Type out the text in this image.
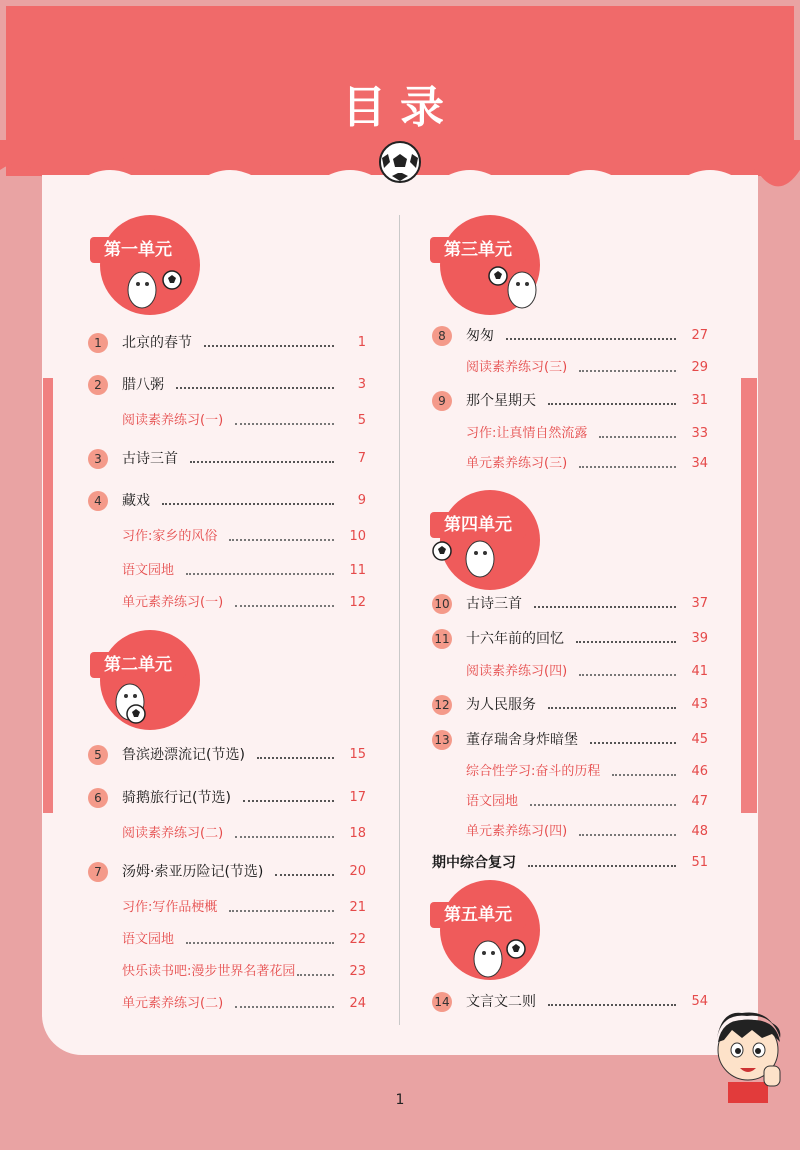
目录
第一单元
第二单元
第三单元
第四单元
第五单元
1	北京的春节	1
2	腊八粥	3
阅读素养练习(一)	5
3	古诗三首	7
4	藏戏	9
习作:家乡的风俗	10
语文园地	11
单元素养练习(一)	12
5	鲁滨逊漂流记(节选)	15
6	骑鹅旅行记(节选)	17
阅读素养练习(二)	18
7	汤姆·索亚历险记(节选)	20
习作:写作品梗概	21
语文园地	22
快乐读书吧:漫步世界名著花园	23
单元素养练习(二)	24
8	匆匆	27
阅读素养练习(三)	29
9	那个星期天	31
习作:让真情自然流露	33
单元素养练习(三)	34
10 古诗三首	37
11 十六年前的回忆	39
阅读素养练习(四)	41
12 为人民服务	43
13 董存瑞舍身炸暗堡	45
综合性学习:奋斗的历程	46
语文园地	47
单元素养练习(四)	48
期中综合复习	51
14 文言文二则	54
1
